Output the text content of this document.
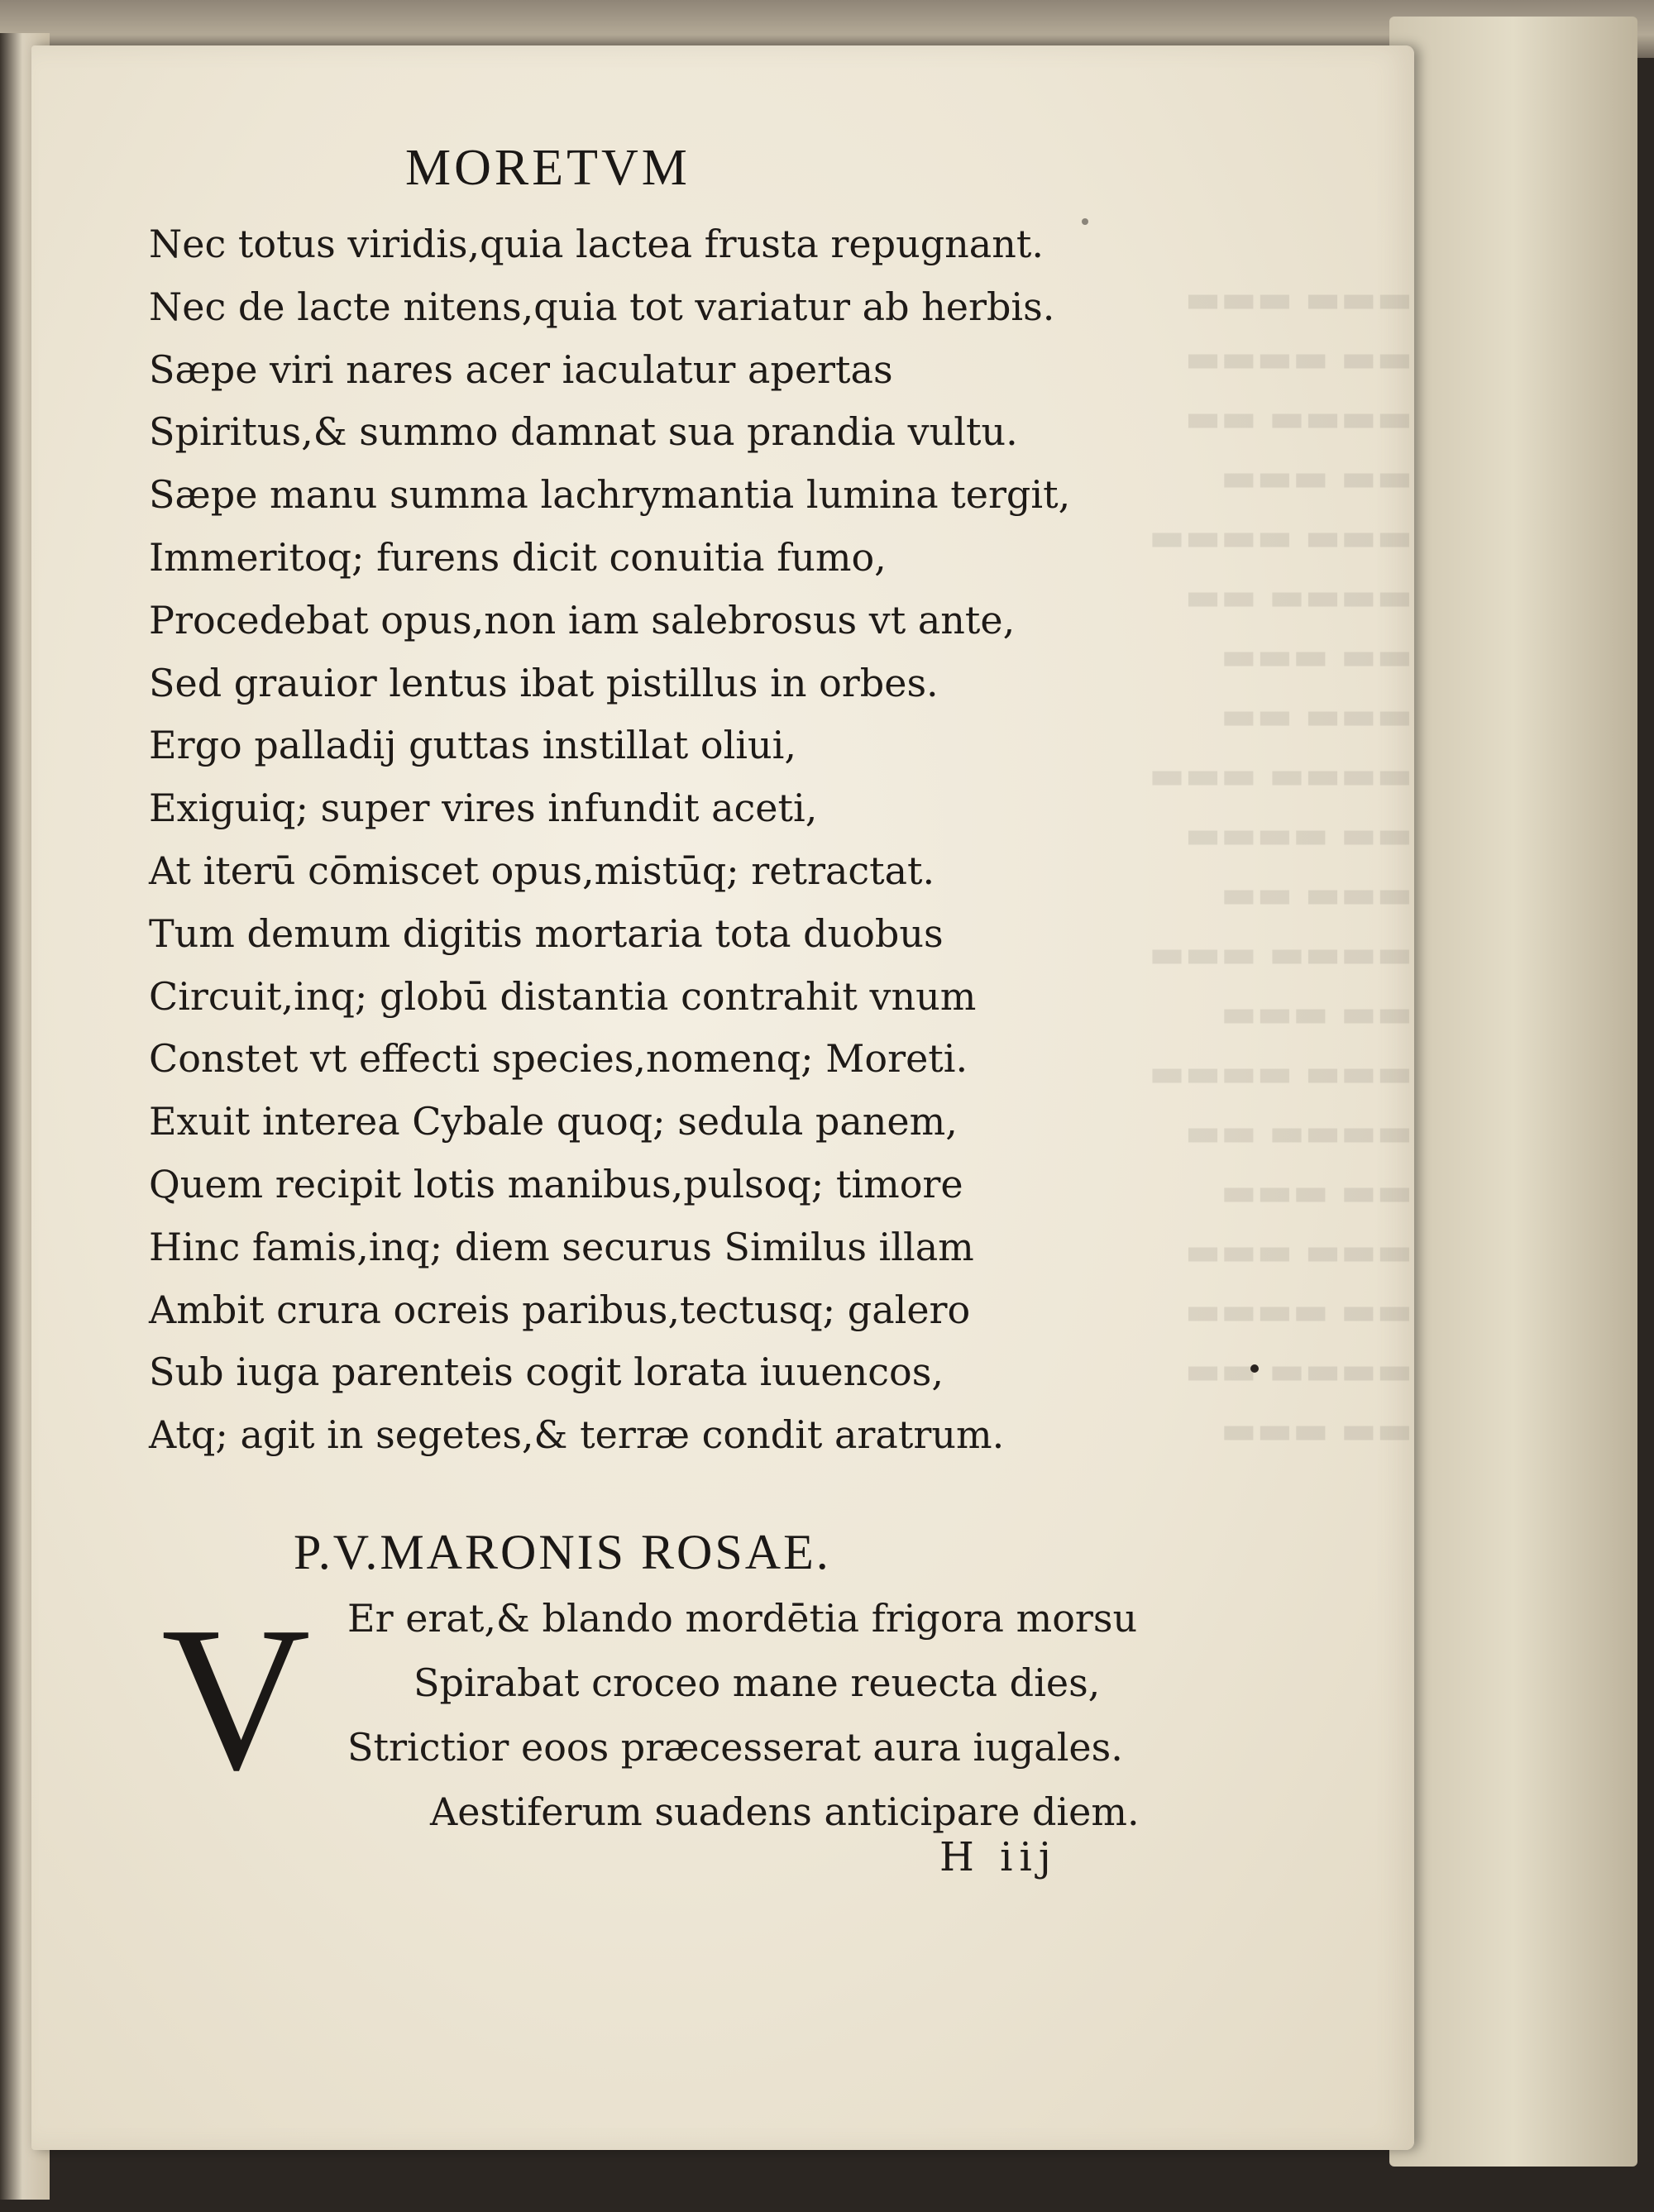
▬▬▬ ▬▬▬
▬▬ ▬▬▬▬
▬▬▬▬ ▬▬
▬▬ ▬▬▬
▬▬▬ ▬▬▬▬
▬▬▬▬ ▬▬
▬▬ ▬▬▬
▬▬▬ ▬▬
▬▬▬▬ ▬▬▬
▬▬ ▬▬▬▬
▬▬▬ ▬▬
▬▬▬▬ ▬▬▬
▬▬ ▬▬▬
▬▬▬ ▬▬▬▬
▬▬▬▬ ▬▬
▬▬ ▬▬▬
▬▬▬ ▬▬▬
▬▬ ▬▬▬▬
▬▬▬▬ ▬▬
▬▬ ▬▬▬
MORETVM
Nec totus viridis,quia lactea frusta repugnant.
Nec de lacte nitens,quia tot variatur ab herbis.
Sæpe viri nares acer iaculatur apertas
Spiritus,& summo damnat sua prandia vultu.
Sæpe manu summa lachrymantia lumina tergit,
Immeritoq; furens dicit conuitia fumo,
Procedebat opus,non iam salebrosus vt ante,
Sed grauior lentus ibat pistillus in orbes.
Ergo palladij guttas instillat oliui,
Exiguiq; super vires infundit aceti,
At iterū cōmiscet opus,mistūq; retractat.
Tum demum digitis mortaria tota duobus
Circuit,inq; globū distantia contrahit vnum
Constet vt effecti species,nomenq; Moreti.
Exuit interea Cybale quoq; sedula panem,
Quem recipit lotis manibus,pulsoq; timore
Hinc famis,inq; diem securus Similus illam
Ambit crura ocreis paribus,tectusq; galero
Sub iuga parenteis cogit lorata iuuencos,
Atq; agit in segetes,& terræ condit aratrum.
P.V.MARONIS ROSAE.
V Er erat,& blando mordētia frigora morsu
Spirabat croceo mane reuecta dies,
Strictior eoos præcesserat aura iugales.
Aestiferum suadens anticipare diem.
H iij
